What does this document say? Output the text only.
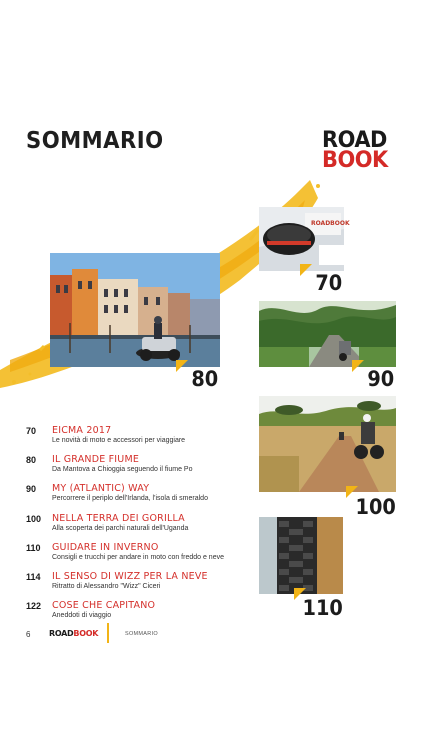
SOMMARIO	ROAD
BOOK
80
ROADBOOK
70
90
100
110
70	EICMA 2017
Le novità di moto e accessori per viaggiare
80	IL GRANDE FIUME
Da Mantova a Chioggia seguendo il fiume Po
90	MY (ATLANTIC) WAY
Percorrere il periplo dell'Irlanda, l'isola di smeraldo
100	NELLA TERRA DEI GORILLA
Alla scoperta dei parchi naturali dell'Uganda
110	GUIDARE IN INVERNO
Consigli e trucchi per andare in moto con freddo e neve
114	IL SENSO DI WIZZ PER LA NEVE
Ritratto di Alessandro "Wizz" Ciceri
122	COSE CHE CAPITANO
Aneddoti di viaggio
6 ROADBOOK	SOMMARIO
